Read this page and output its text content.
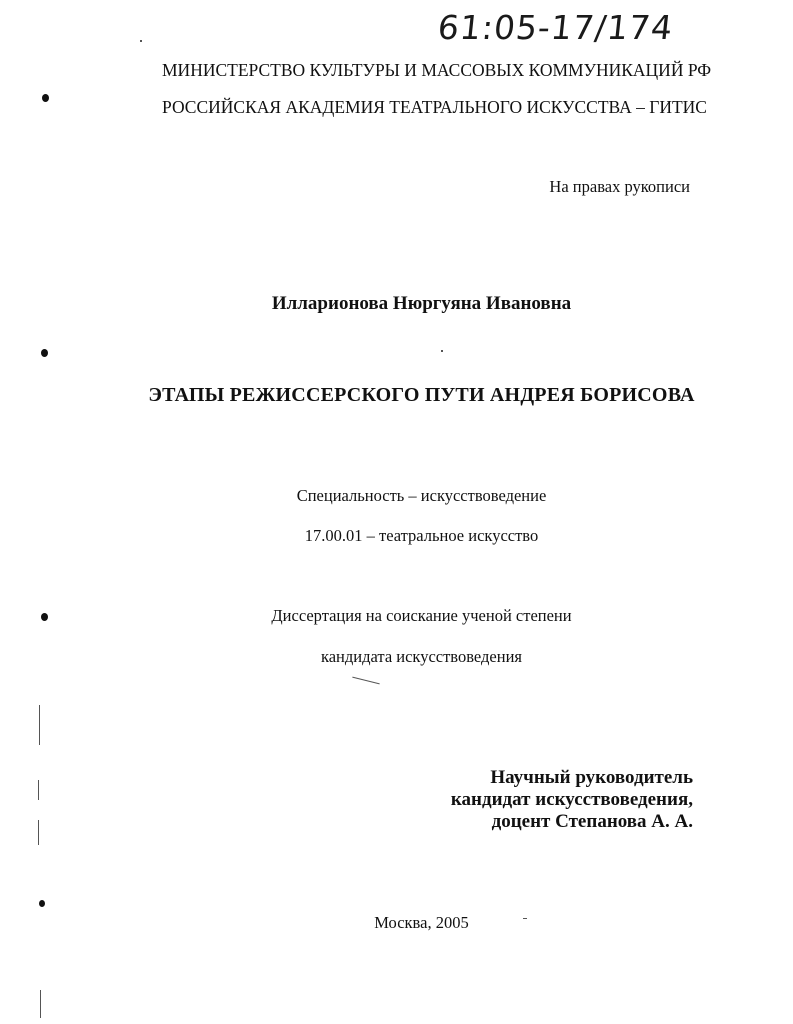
61:05-17/174
МИНИСТЕРСТВО КУЛЬТУРЫ И МАССОВЫХ КОММУНИКАЦИЙ РФ
РОССИЙСКАЯ АКАДЕМИЯ ТЕАТРАЛЬНОГО ИСКУССТВА – ГИТИС
На правах рукописи
Илларионова Нюргуяна Ивановна
ЭТАПЫ РЕЖИССЕРСКОГО ПУТИ АНДРЕЯ БОРИСОВА
Специальность – искусствоведение
17.00.01 – театральное искусство
Диссертация на соискание ученой степени
кандидата искусствоведения
Научный руководитель
кандидат искусствоведения,
доцент Степанова А. А.
Москва, 2005
